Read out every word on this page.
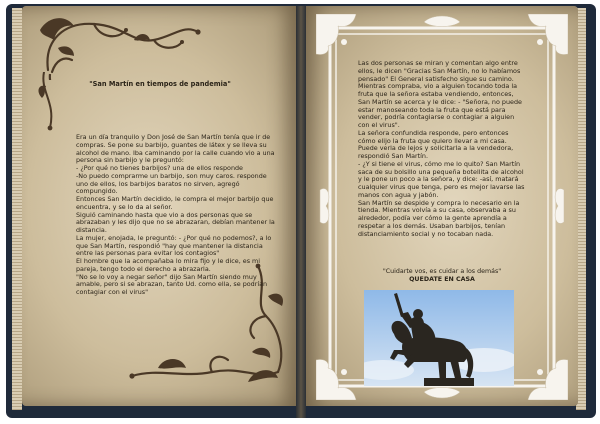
"San Martín en tiempos de pandemia"

Era un día tranquilo y Don José de San Martín tenía que ir de compras. Se pone su barbijo, guantes de látex y se lleva su alcohol de mano. Iba caminando por la calle cuando vio a una persona sin barbijo y le preguntó:

- ¿Por qué no tienes barbijos? una de ellos responde

-No puedo comprarme un barbijo, son muy caros. responde uno de ellos, los barbijos baratos no sirven, agregó compungido.

Entonces San Martín decidido, le compra el mejor barbijo que encuentra, y se lo da al señor.

Siguió caminando hasta que vio a dos personas que se abrazaban y les dijo que no se abrazaran, debían mantener la distancia.

La mujer, enojada, le preguntó: - ¿Por qué no podemos?, a lo que San Martín, respondió "hay que mantener la distancia entre las personas para evitar los contagios"

El hombre que la acompañaba lo mira fijo y le dice, es mi pareja, tengo todo el derecho a abrazarla.

"No se lo voy a negar señor" dijo San Martín siendo muy amable, pero si se abrazan, tanto Ud. como ella, se podrían contagiar con el virus"

Las dos personas se miran y comentan algo entre ellos, le dicen "Gracias San Martín, no lo habíamos pensado" El General satisfecho sigue su camino.

Mientras compraba, vio a alguien tocando toda la fruta que la señora estaba vendiendo, entonces, San Martín se acerca y le dice: - "Señora, no puede estar manoseando toda la fruta que está para vender, podría contagiarse o contagiar a alguien con el virus".

La señora confundida responde, pero entonces cómo elijo la fruta que quiero llevar a mi casa. Puede verla de lejos y solicitarla a la vendedora, respondió San Martín.

- ¿Y si tiene el virus, cómo me lo quito? San Martín saca de su bolsillo una pequeña botellita de alcohol y le pone un poco a la señora, y dice: -así, matará cualquier virus que tenga, pero es mejor lavarse las manos con agua y jabón.

San Martín se despide y compra lo necesario en la tienda. Mientras volvía a su casa, observaba a su alrededor, podía ver cómo la gente aprendía a respetar a los demás. Usaban barbijos, tenían distanciamiento social y no tocaban nada.

"Cuidarte vos, es cuidar a los demás"
QUEDATE EN CASA
